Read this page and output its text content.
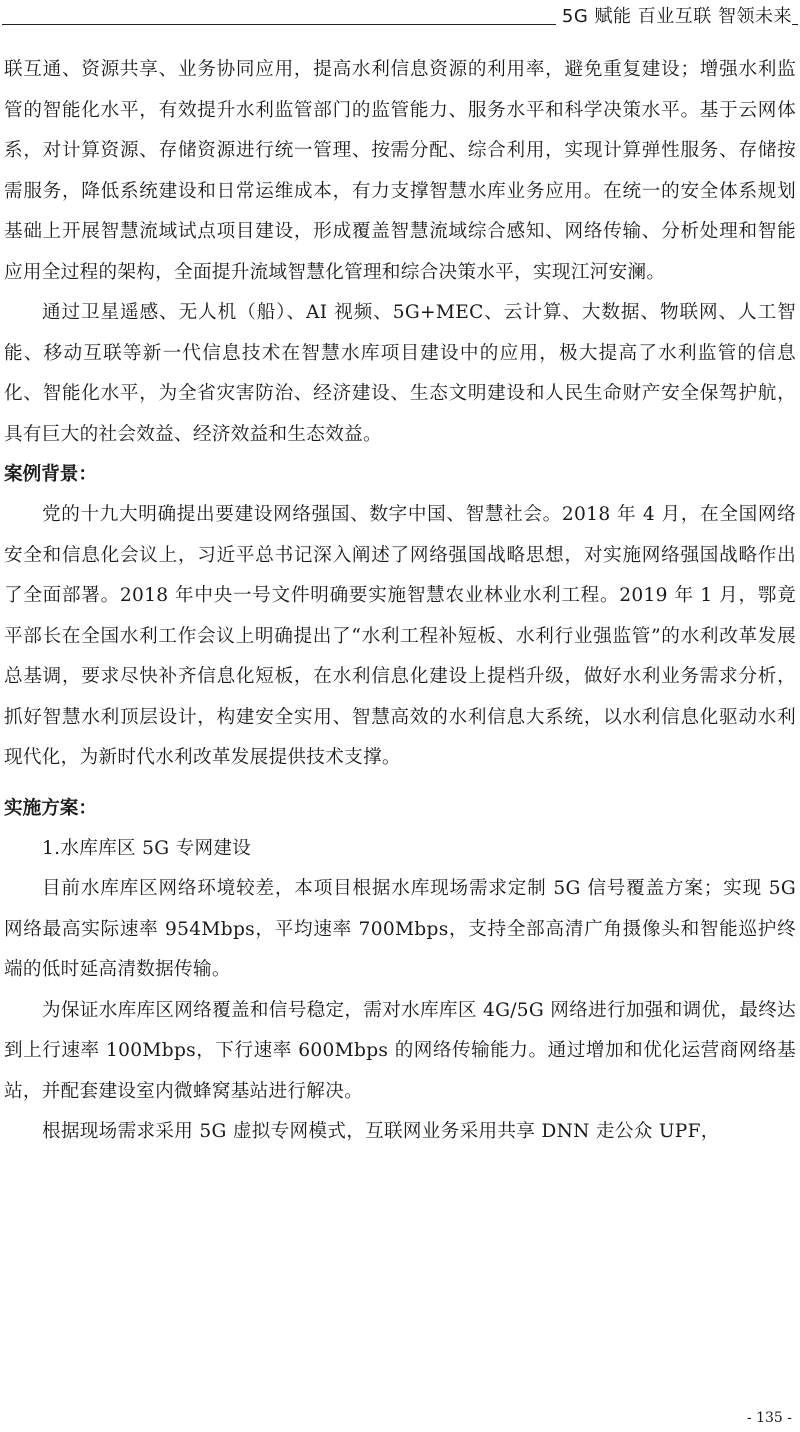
5G 赋能 百业互联 智领未来

联互通、资源共享、业务协同应用，提高水利信息资源的利用率，避免重复建设；增强水利监管的智能化水平，有效提升水利监管部门的监管能力、服务水平和科学决策水平。基于云网体系，对计算资源、存储资源进行统一管理、按需分配、综合利用，实现计算弹性服务、存储按需服务，降低系统建设和日常运维成本，有力支撑智慧水库业务应用。在统一的安全体系规划基础上开展智慧流域试点项目建设，形成覆盖智慧流域综合感知、网络传输、分析处理和智能应用全过程的架构，全面提升流域智慧化管理和综合决策水平，实现江河安澜。

通过卫星遥感、无人机（船）、AI 视频、5G+MEC、云计算、大数据、物联网、人工智能、移动互联等新一代信息技术在智慧水库项目建设中的应用，极大提高了水利监管的信息化、智能化水平，为全省灾害防治、经济建设、生态文明建设和人民生命财产安全保驾护航，具有巨大的社会效益、经济效益和生态效益。

案例背景：

党的十九大明确提出要建设网络强国、数字中国、智慧社会。2018 年 4 月，在全国网络安全和信息化会议上，习近平总书记深入阐述了网络强国战略思想，对实施网络强国战略作出了全面部署。2018 年中央一号文件明确要实施智慧农业林业水利工程。2019 年 1 月，鄂竟平部长在全国水利工作会议上明确提出了“水利工程补短板、水利行业强监管”的水利改革发展总基调，要求尽快补齐信息化短板，在水利信息化建设上提档升级，做好水利业务需求分析，抓好智慧水利顶层设计，构建安全实用、智慧高效的水利信息大系统，以水利信息化驱动水利现代化，为新时代水利改革发展提供技术支撑。

实施方案：

1.水库库区 5G 专网建设

目前水库库区网络环境较差，本项目根据水库现场需求定制 5G 信号覆盖方案；实现 5G 网络最高实际速率 954Mbps，平均速率 700Mbps，支持全部高清广角摄像头和智能巡护终端的低时延高清数据传输。

为保证水库库区网络覆盖和信号稳定，需对水库库区 4G/5G 网络进行加强和调优，最终达到上行速率 100Mbps，下行速率 600Mbps 的网络传输能力。通过增加和优化运营商网络基站，并配套建设室内微蜂窝基站进行解决。

根据现场需求采用 5G 虚拟专网模式，互联网业务采用共享 DNN 走公众 UPF，

- 135 -
